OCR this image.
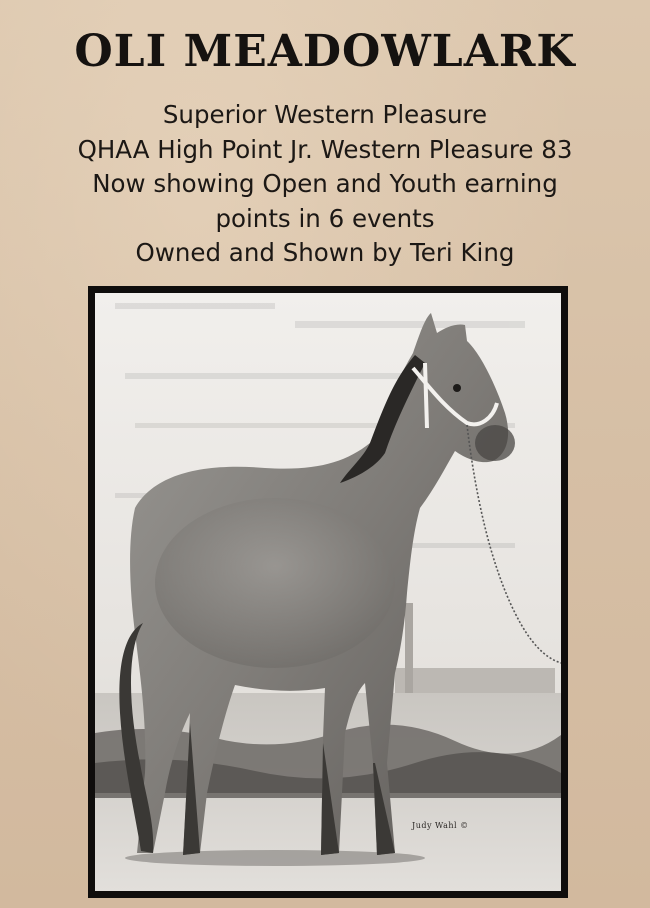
OLI MEADOWLARK
Superior Western Pleasure
QHAA High Point Jr. Western Pleasure 83
Now showing Open and Youth earning
points in 6 events
Owned and Shown by Teri King
Judy Wahl ©
